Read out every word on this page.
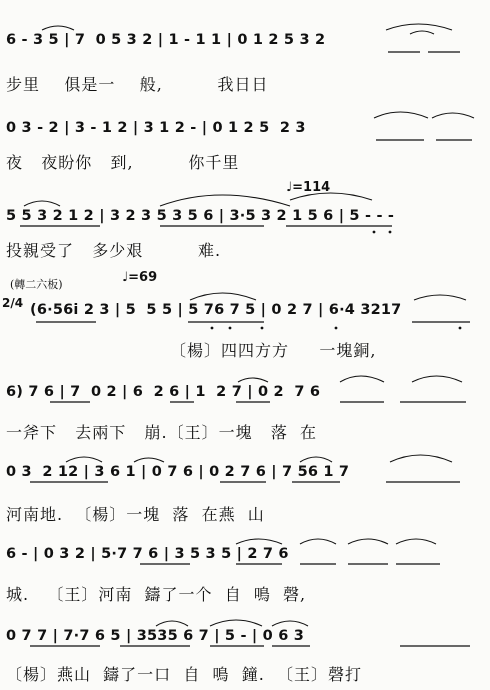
6 - 3 5 | 7  0 5 3 2 | 1 - 1 1 | 0 1 2 5 3 2
步里    俱是一    般,         我日日
0 3 - 2 | 3 - 1 2 | 3 1 2 - | 0 1 2 5  2 3
夜   夜盼你   到,         你千里
♩=114
5 5 3 2 1 2 | 3 2 3 5 3 5 6 | 3·5 3 2 1 5 6 | 5 - - -
投親受了   多少艰         难.
(轉二六板)	♩=69
2/4 (6·56i 2 3 | 5  5 5 | 5 76 7 5 | 0 2 7 | 6·4 3217
〔楊〕四四方方     一塊銅,
6) 7 6 | 7  0 2 | 6  2 6 | 1  2 7 | 0 2  7 6
一斧下   去兩下   崩.〔王〕一塊   落  在
0 3  2 12 | 3 6 1 | 0 7 6 | 0 2 7 6 | 7 56 1 7
河南地.  〔楊〕一塊  落  在燕  山
6 - | 0 3 2 | 5·7 7 6 | 3 5 3 5 | 2 7 6
城.   〔王〕河南  鑄了一个  自  鳴  磬,
0 7 7 | 7·7 6 5 | 3535 6 7 | 5 - | 0 6 3
〔楊〕燕山  鑄了一口  自  鳴  鐘.  〔王〕磬打
